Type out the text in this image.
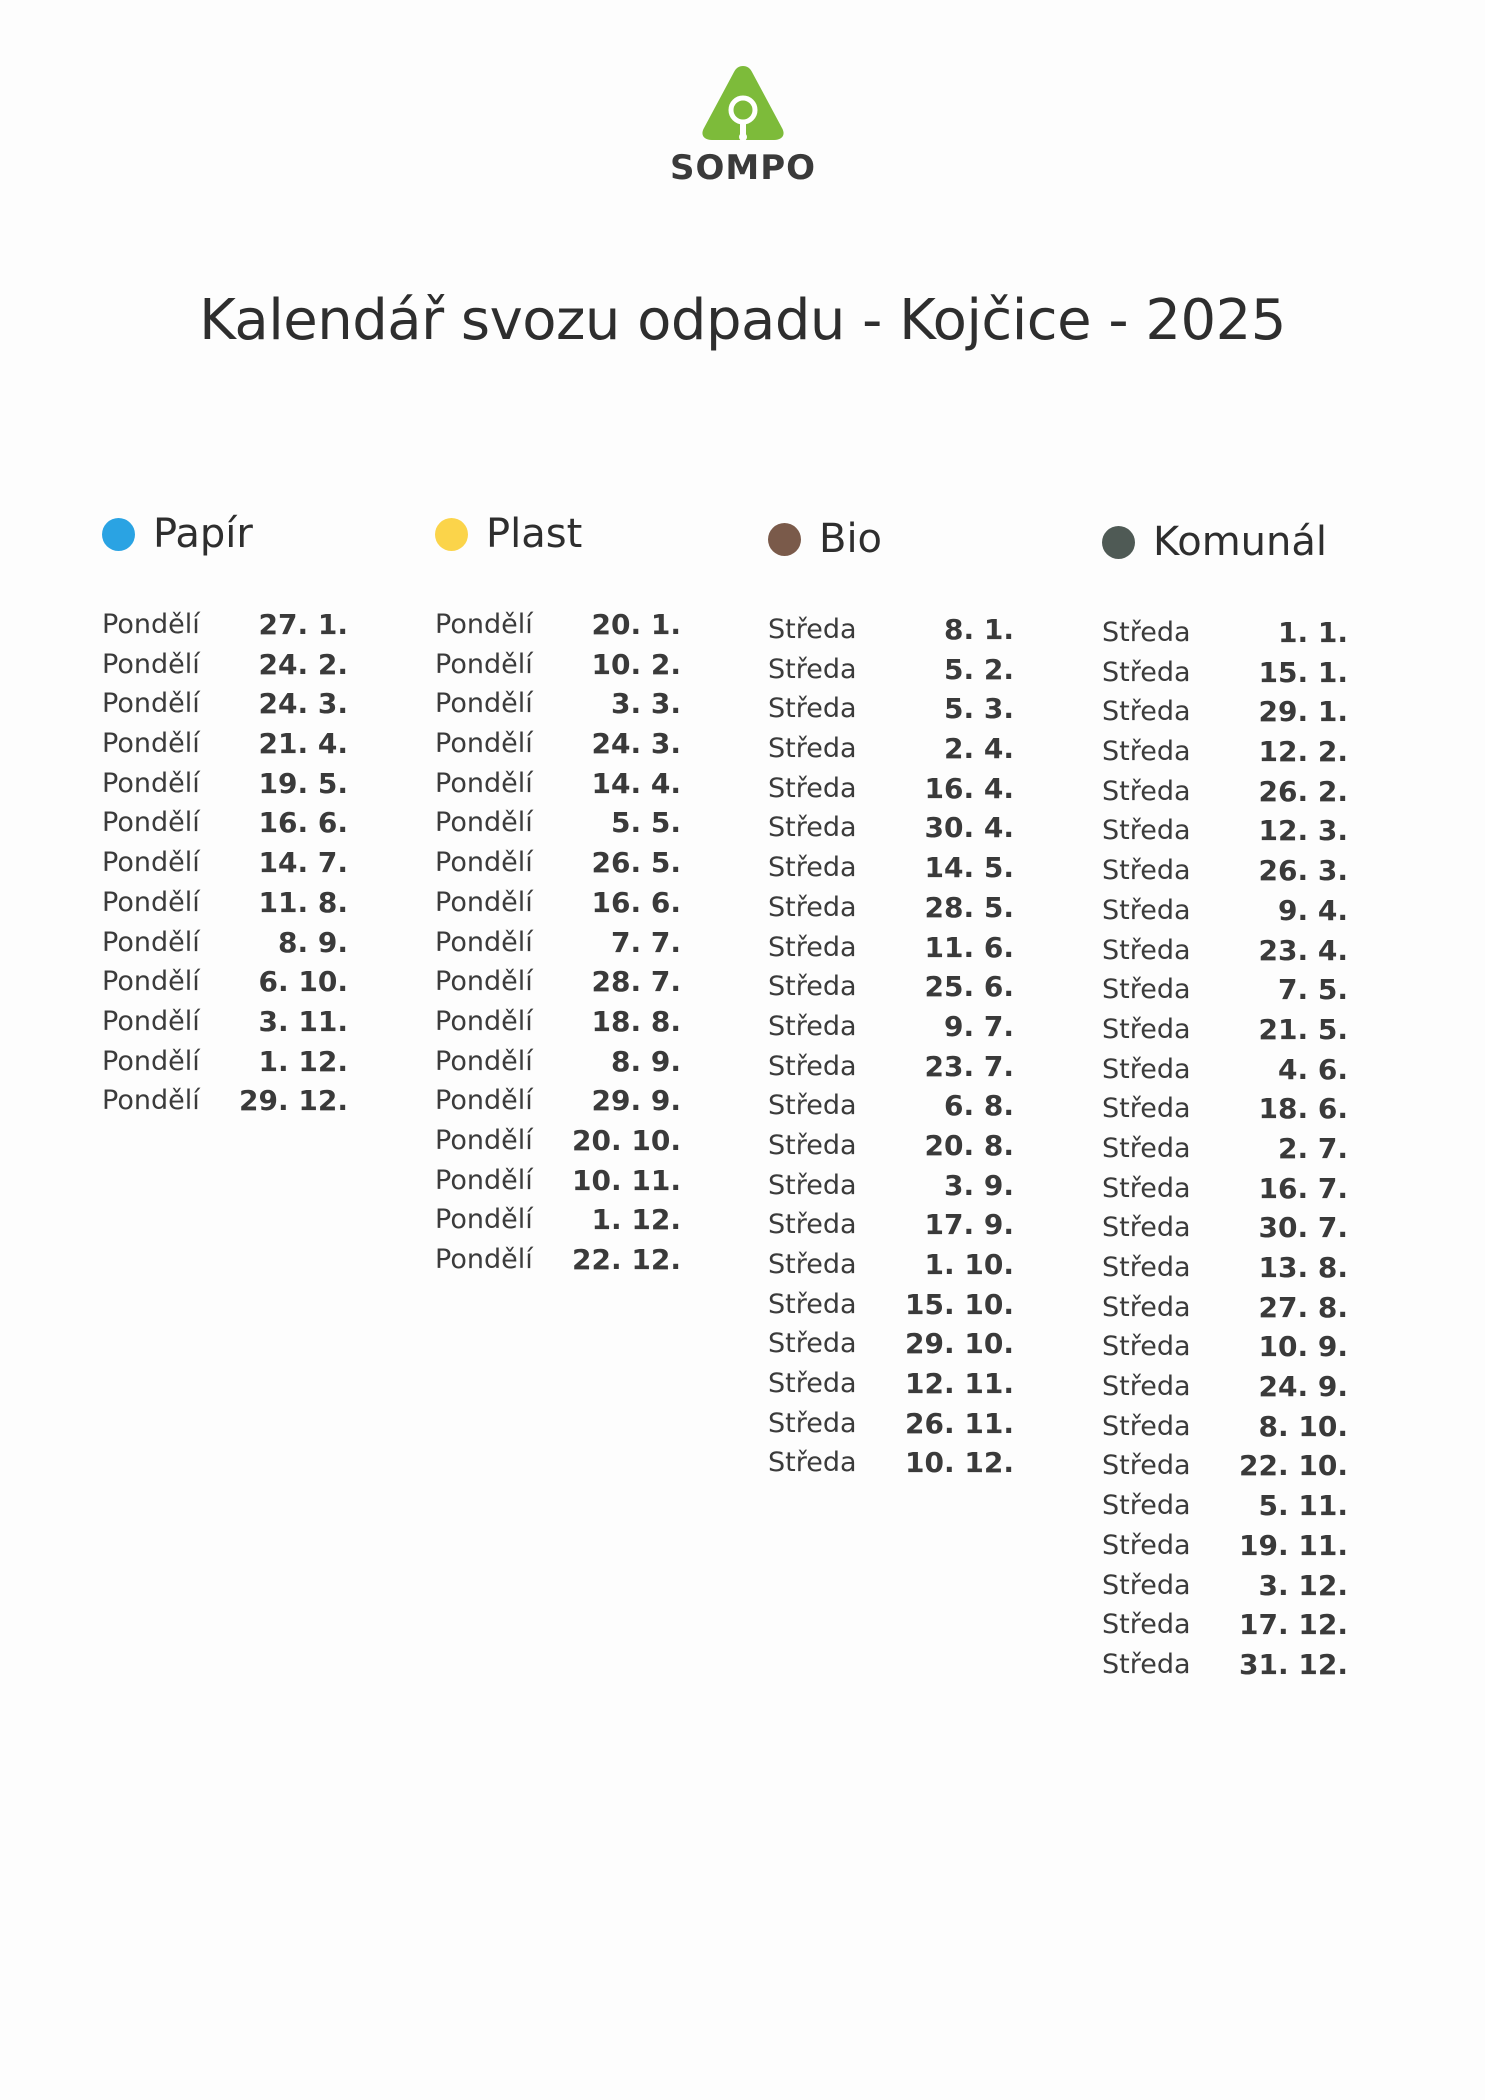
SOMPO
Kalendář svozu odpadu - Kojčice - 2025
Papír
Pondělí 27. 1.
Pondělí 24. 2.
Pondělí 24. 3.
Pondělí 21. 4.
Pondělí 19. 5.
Pondělí 16. 6.
Pondělí 14. 7.
Pondělí 11. 8.
Pondělí	8. 9.
Pondělí 6. 10.
Pondělí 3. 11.
Pondělí 1. 12.
Pondělí 29. 12.
Plast
Pondělí 20. 1.
Pondělí 10. 2.
Pondělí	3. 3.
Pondělí 24. 3.
Pondělí 14. 4.
Pondělí	5. 5.
Pondělí 26. 5.
Pondělí 16. 6.
Pondělí	7. 7.
Pondělí 28. 7.
Pondělí 18. 8.
Pondělí	8. 9.
Pondělí 29. 9.
Pondělí 20. 10.
Pondělí 10. 11.
Pondělí 1. 12.
Pondělí 22. 12.
Bio
Středa	8. 1.
Středa	5. 2.
Středa	5. 3.
Středa	2. 4.
Středa 16. 4.
Středa 30. 4.
Středa 14. 5.
Středa 28. 5.
Středa 11. 6.
Středa 25. 6.
Středa	9. 7.
Středa 23. 7.
Středa	6. 8.
Středa 20. 8.
Středa	3. 9.
Středa 17. 9.
Středa 1. 10.
Středa 15. 10.
Středa 29. 10.
Středa 12. 11.
Středa 26. 11.
Středa 10. 12.
Komunál
Středa	1. 1.
Středa 15. 1.
Středa 29. 1.
Středa 12. 2.
Středa 26. 2.
Středa 12. 3.
Středa 26. 3.
Středa	9. 4.
Středa 23. 4.
Středa	7. 5.
Středa 21. 5.
Středa	4. 6.
Středa 18. 6.
Středa	2. 7.
Středa 16. 7.
Středa 30. 7.
Středa 13. 8.
Středa 27. 8.
Středa 10. 9.
Středa 24. 9.
Středa 8. 10.
Středa 22. 10.
Středa 5. 11.
Středa 19. 11.
Středa 3. 12.
Středa 17. 12.
Středa 31. 12.
